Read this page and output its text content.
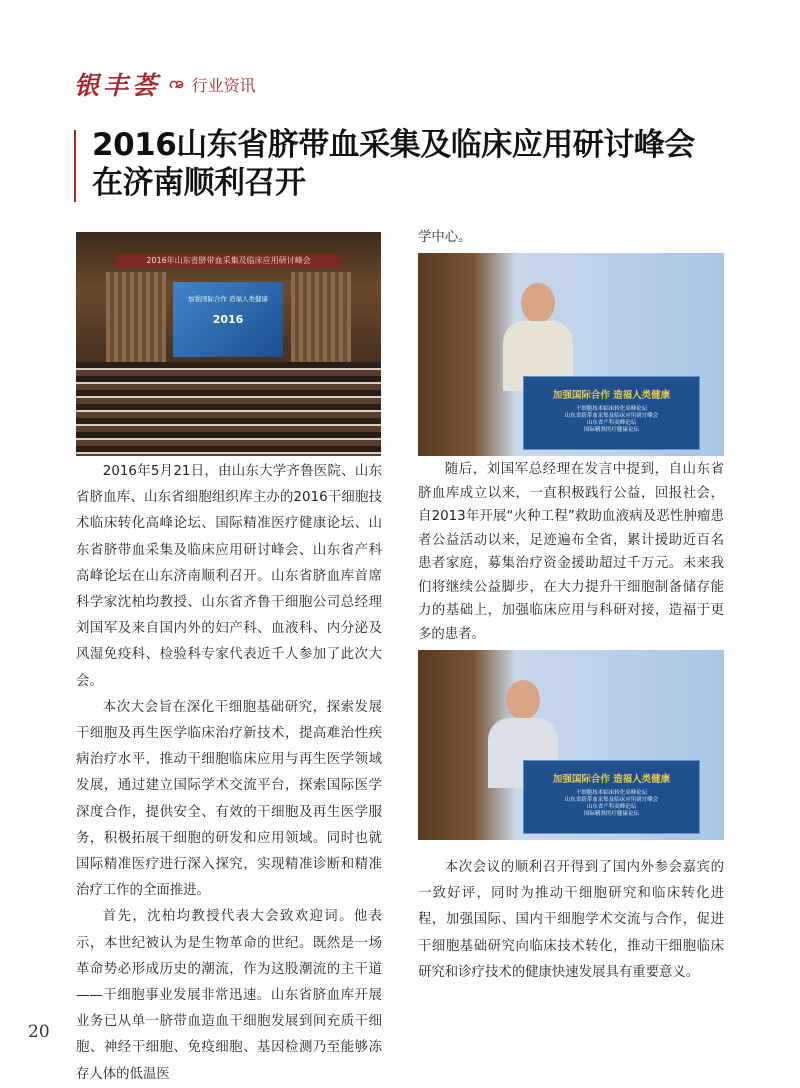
银丰荟 ꩠ 行业资讯
2016山东省脐带血采集及临床应用研讨峰会
在济南顺利召开
2016年山东省脐带血采集及临床应用研讨峰会
加强国际合作 造福人类健康
2016

2016年5月21日，由山东大学齐鲁医院、山东省脐血库、山东省细胞组织库主办的2016干细胞技术临床转化高峰论坛、国际精准医疗健康论坛、山东省脐带血采集及临床应用研讨峰会、山东省产科高峰论坛在山东济南顺利召开。山东省脐血库首席科学家沈柏均教授、山东省齐鲁干细胞公司总经理刘国军及来自国内外的妇产科、血液科、内分泌及风湿免疫科、检验科专家代表近千人参加了此次大会。

本次大会旨在深化干细胞基础研究，探索发展干细胞及再生医学临床治疗新技术，提高难治性疾病治疗水平，推动干细胞临床应用与再生医学领域发展，通过建立国际学术交流平台，探索国际医学深度合作，提供安全、有效的干细胞及再生医学服务，积极拓展干细胞的研发和应用领域。同时也就国际精准医疗进行深入探究，实现精准诊断和精准治疗工作的全面推进。

首先，沈柏均教授代表大会致欢迎词。他表示，本世纪被认为是生物革命的世纪。既然是一场革命势必形成历史的潮流，作为这股潮流的主干道——干细胞事业发展非常迅速。山东省脐血库开展业务已从单一脐带血造血干细胞发展到间充质干细胞、神经干细胞、免疫细胞、基因检测乃至能够冻存人体的低温医

学中心。

加强国际合作 造福人类健康
干细胞技术临床转化高峰论坛
山东省脐带血采集及临床应用研讨峰会
山东省产科高峰论坛
国际精准医疗健康论坛

随后，刘国军总经理在发言中提到，自山东省脐血库成立以来，一直积极践行公益，回报社会，自2013年开展“火种工程”救助血液病及恶性肿瘤患者公益活动以来，足迹遍布全省，累计援助近百名患者家庭，募集治疗资金援助超过千万元。未来我们将继续公益脚步，在大力提升干细胞制备储存能力的基础上，加强临床应用与科研对接，造福于更多的患者。

加强国际合作 造福人类健康
干细胞技术临床转化高峰论坛
山东省脐带血采集及临床应用研讨峰会
山东省产科高峰论坛
国际精准医疗健康论坛

本次会议的顺利召开得到了国内外参会嘉宾的一致好评，同时为推动干细胞研究和临床转化进程，加强国际、国内干细胞学术交流与合作，促进干细胞基础研究向临床技术转化，推动干细胞临床研究和诊疗技术的健康快速发展具有重要意义。

20
